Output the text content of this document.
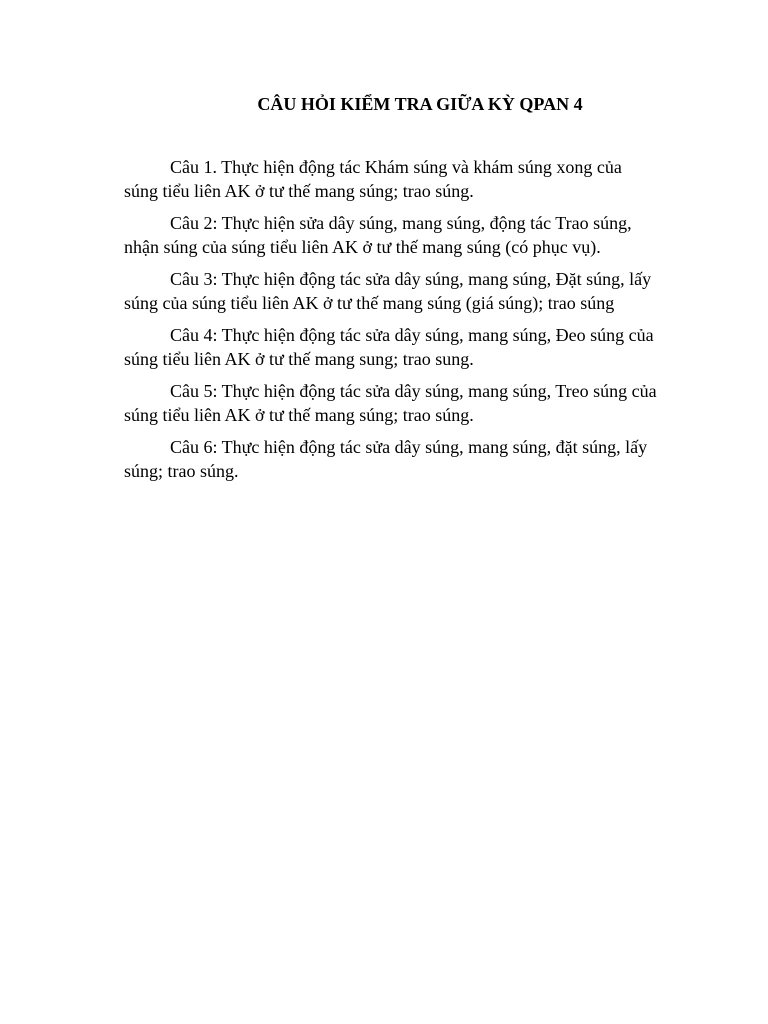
CÂU HỎI KIỂM TRA GIỮA KỲ QPAN 4

Câu 1. Thực hiện động tác Khám súng và khám súng xong của
súng tiểu liên AK ở tư thế mang súng; trao súng.

Câu 2: Thực hiện sửa dây súng, mang súng, động tác Trao súng,
nhận súng của súng tiểu liên AK ở tư thế mang súng (có phục vụ).

Câu 3: Thực hiện động tác sửa dây súng, mang súng, Đặt súng, lấy
súng của súng tiểu liên AK ở tư thế mang súng (giá súng); trao súng

Câu 4: Thực hiện động tác sửa dây súng, mang súng, Đeo súng của
súng tiểu liên AK ở tư thế mang sung; trao sung.

Câu 5: Thực hiện động tác sửa dây súng, mang súng, Treo súng của
súng tiểu liên AK ở tư thế mang súng; trao súng.

Câu 6: Thực hiện động tác sửa dây súng, mang súng, đặt súng, lấy
súng; trao súng.
